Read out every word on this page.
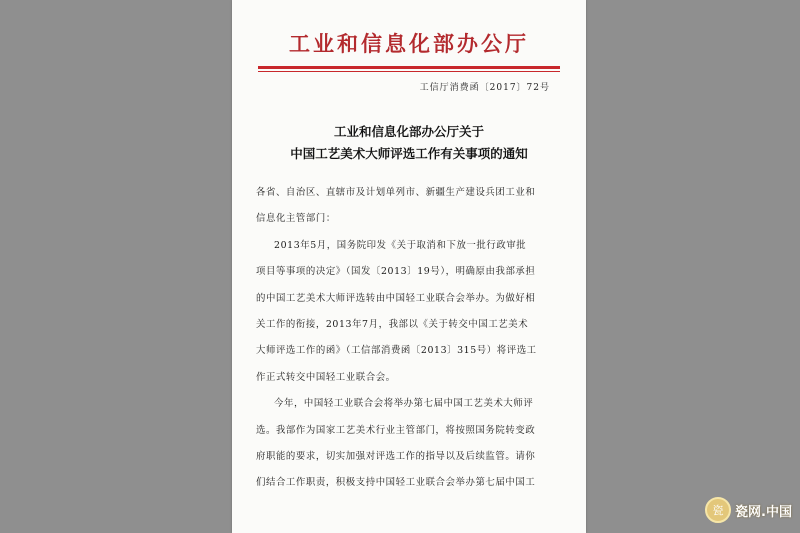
工业和信息化部办公厅
工信厅消费函〔2017〕72号
工业和信息化部办公厅关于
中国工艺美术大师评选工作有关事项的通知

各省、自治区、直辖市及计划单列市、新疆生产建设兵团工业和

信息化主管部门：

2013年5月，国务院印发《关于取消和下放一批行政审批

项目等事项的决定》（国发〔2013〕19号），明确原由我部承担

的中国工艺美术大师评选转由中国轻工业联合会举办。为做好相

关工作的衔接，2013年7月，我部以《关于转交中国工艺美术

大师评选工作的函》（工信部消费函〔2013〕315号）将评选工

作正式转交中国轻工业联合会。

今年，中国轻工业联合会将举办第七届中国工艺美术大师评

选。我部作为国家工艺美术行业主管部门，将按照国务院转变政

府职能的要求，切实加强对评选工作的指导以及后续监管。请你

们结合工作职责，积极支持中国轻工业联合会举办第七届中国工

瓷 瓷网.中国
